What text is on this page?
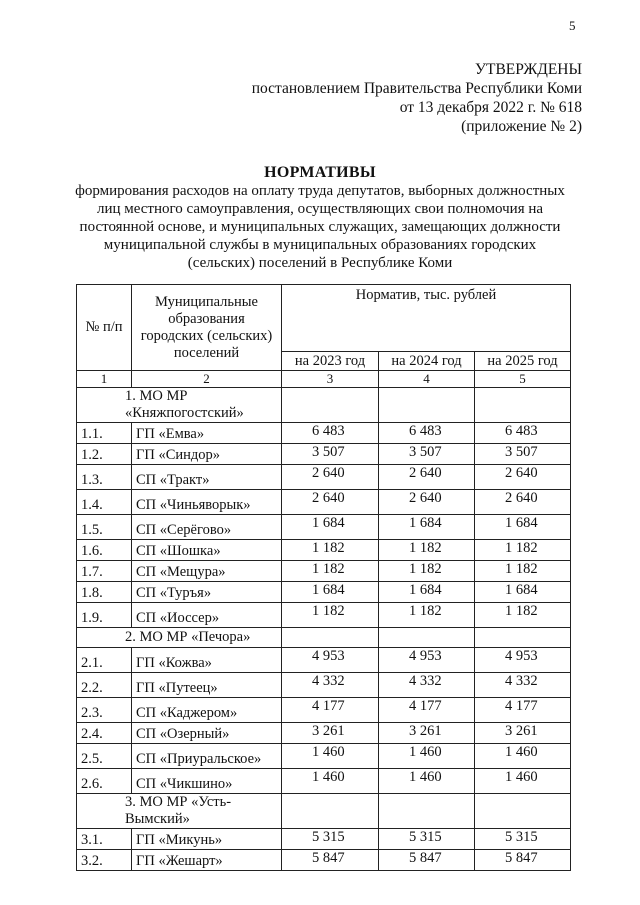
5
УТВЕРЖДЕНЫ
постановлением Правительства Республики Коми
от 13 декабря 2022 г. № 618
(приложение № 2)
НОРМАТИВЫ
формирования расходов на оплату труда депутатов, выборных должностных
лиц местного самоуправления, осуществляющих свои полномочия на
постоянной основе, и муниципальных служащих, замещающих должности
муниципальной службы в муниципальных образованиях городских
(сельских) поселений в Республике Коми
№ п/п	Муниципальные образования городских (сельских) поселений	Норматив, тыс. рублей		
		на 2023 год	на 2024 год	на 2025 год
1	2	3	4	5
1. МО МР «Княжпогостский»				
1.1.	ГП «Емва»	6 483	6 483	6 483
1.2.	ГП «Синдор»	3 507	3 507	3 507
1.3.	СП «Тракт»	2 640	2 640	2 640
1.4.	СП «Чиньяворык»	2 640	2 640	2 640
1.5.	СП «Серёгово»	1 684	1 684	1 684
1.6.	СП «Шошка»	1 182	1 182	1 182
1.7.	СП «Мещура»	1 182	1 182	1 182
1.8.	СП «Туръя»	1 684	1 684	1 684
1.9.	СП «Иоссер»	1 182	1 182	1 182
2. МО МР «Печора»				
2.1.	ГП «Кожва»	4 953	4 953	4 953
2.2.	ГП «Путеец»	4 332	4 332	4 332
2.3.	СП «Каджером»	4 177	4 177	4 177
2.4.	СП «Озерный»	3 261	3 261	3 261
2.5.	СП «Приуральское»	1 460	1 460	1 460
2.6.	СП «Чикшино»	1 460	1 460	1 460
3. МО МР «Усть-Вымский»				
3.1.	ГП «Микунь»	5 315	5 315	5 315
3.2.	ГП «Жешарт»	5 847	5 847	5 847
